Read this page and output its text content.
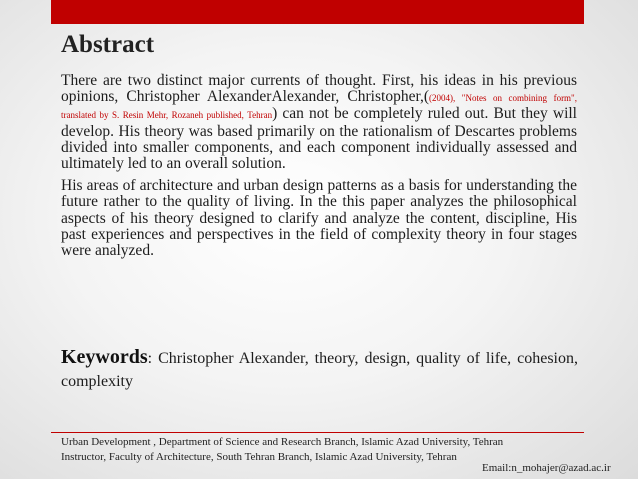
Abstract

There are two distinct major currents of thought. First, his ideas in his previous opinions, Christopher AlexanderAlexander, Christopher,((2004), "Notes on combining form", translated by S. Resin Mehr, Rozaneh published, Tehran) can not be completely ruled out. But they will develop. His theory was based primarily on the rationalism of Descartes problems divided into smaller components, and each component individually assessed and ultimately led to an overall solution.

His areas of architecture and urban design patterns as a basis for understanding the future rather to the quality of living. In the this paper analyzes the philosophical aspects of his theory designed to clarify and analyze the content, discipline, His past experiences and perspectives in the field of complexity theory in four stages were analyzed.

Keywords: Christopher Alexander, theory, design, quality of life, cohesion, complexity
Urban Development , Department of Science and Research Branch, Islamic Azad University, Tehran
Instructor, Faculty of Architecture, South Tehran Branch, Islamic Azad University, Tehran
Email:n_mohajer@azad.ac.ir
